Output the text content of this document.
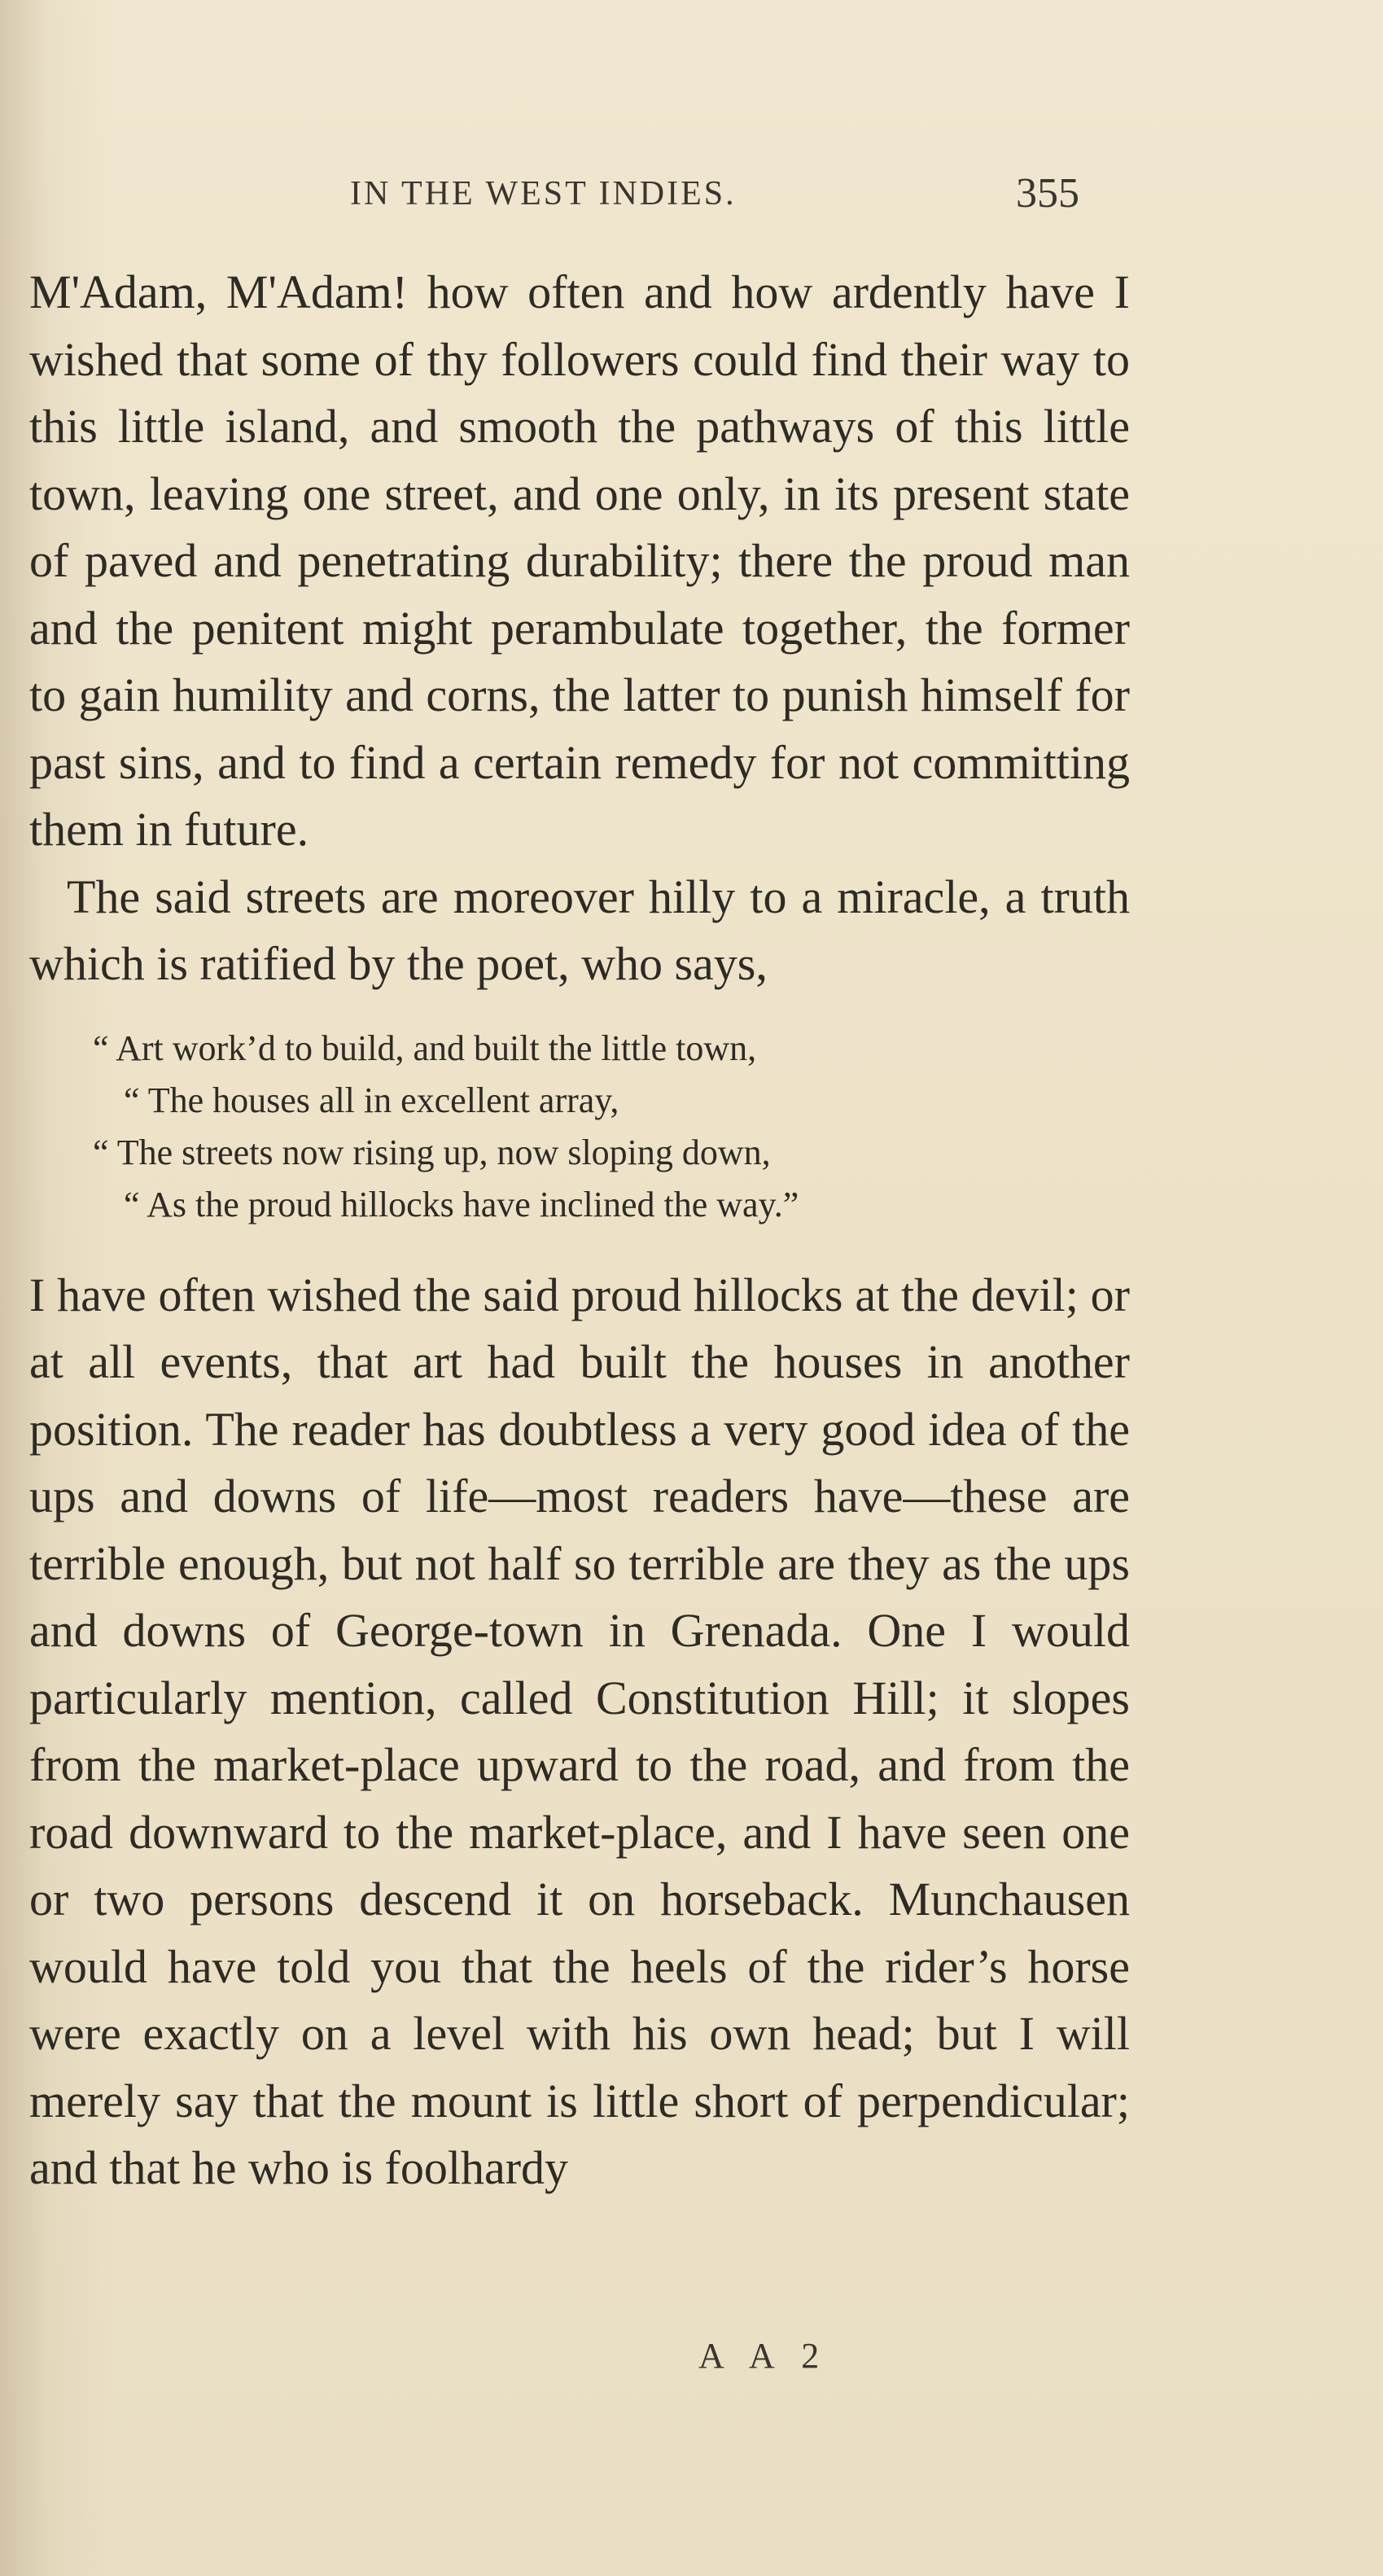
IN THE WEST INDIES.	355

M'Adam, M'Adam! how often and how ardently have I wished that some of thy followers could find their way to this little island, and smooth the pathways of this little town, leaving one street, and one only, in its present state of paved and penetrating durability; there the proud man and the penitent might perambulate together, the former to gain humility and corns, the latter to punish himself for past sins, and to find a certain remedy for not committing them in future.

The said streets are moreover hilly to a miracle, a truth which is ratified by the poet, who says,

“ Art work’d to build, and built the little town,
“ The houses all in excellent array,
“ The streets now rising up, now sloping down,
“ As the proud hillocks have inclined the way.”

I have often wished the said proud hillocks at the devil; or at all events, that art had built the houses in another position. The reader has doubtless a very good idea of the ups and downs of life—most readers have—these are terrible enough, but not half so terrible are they as the ups and downs of George-town in Grenada. One I would particularly mention, called Constitution Hill; it slopes from the market-place upward to the road, and from the road downward to the market-place, and I have seen one or two persons descend it on horseback. Munchausen would have told you that the heels of the rider’s horse were exactly on a level with his own head; but I will merely say that the mount is little short of perpendicular; and that he who is foolhardy

A A 2
